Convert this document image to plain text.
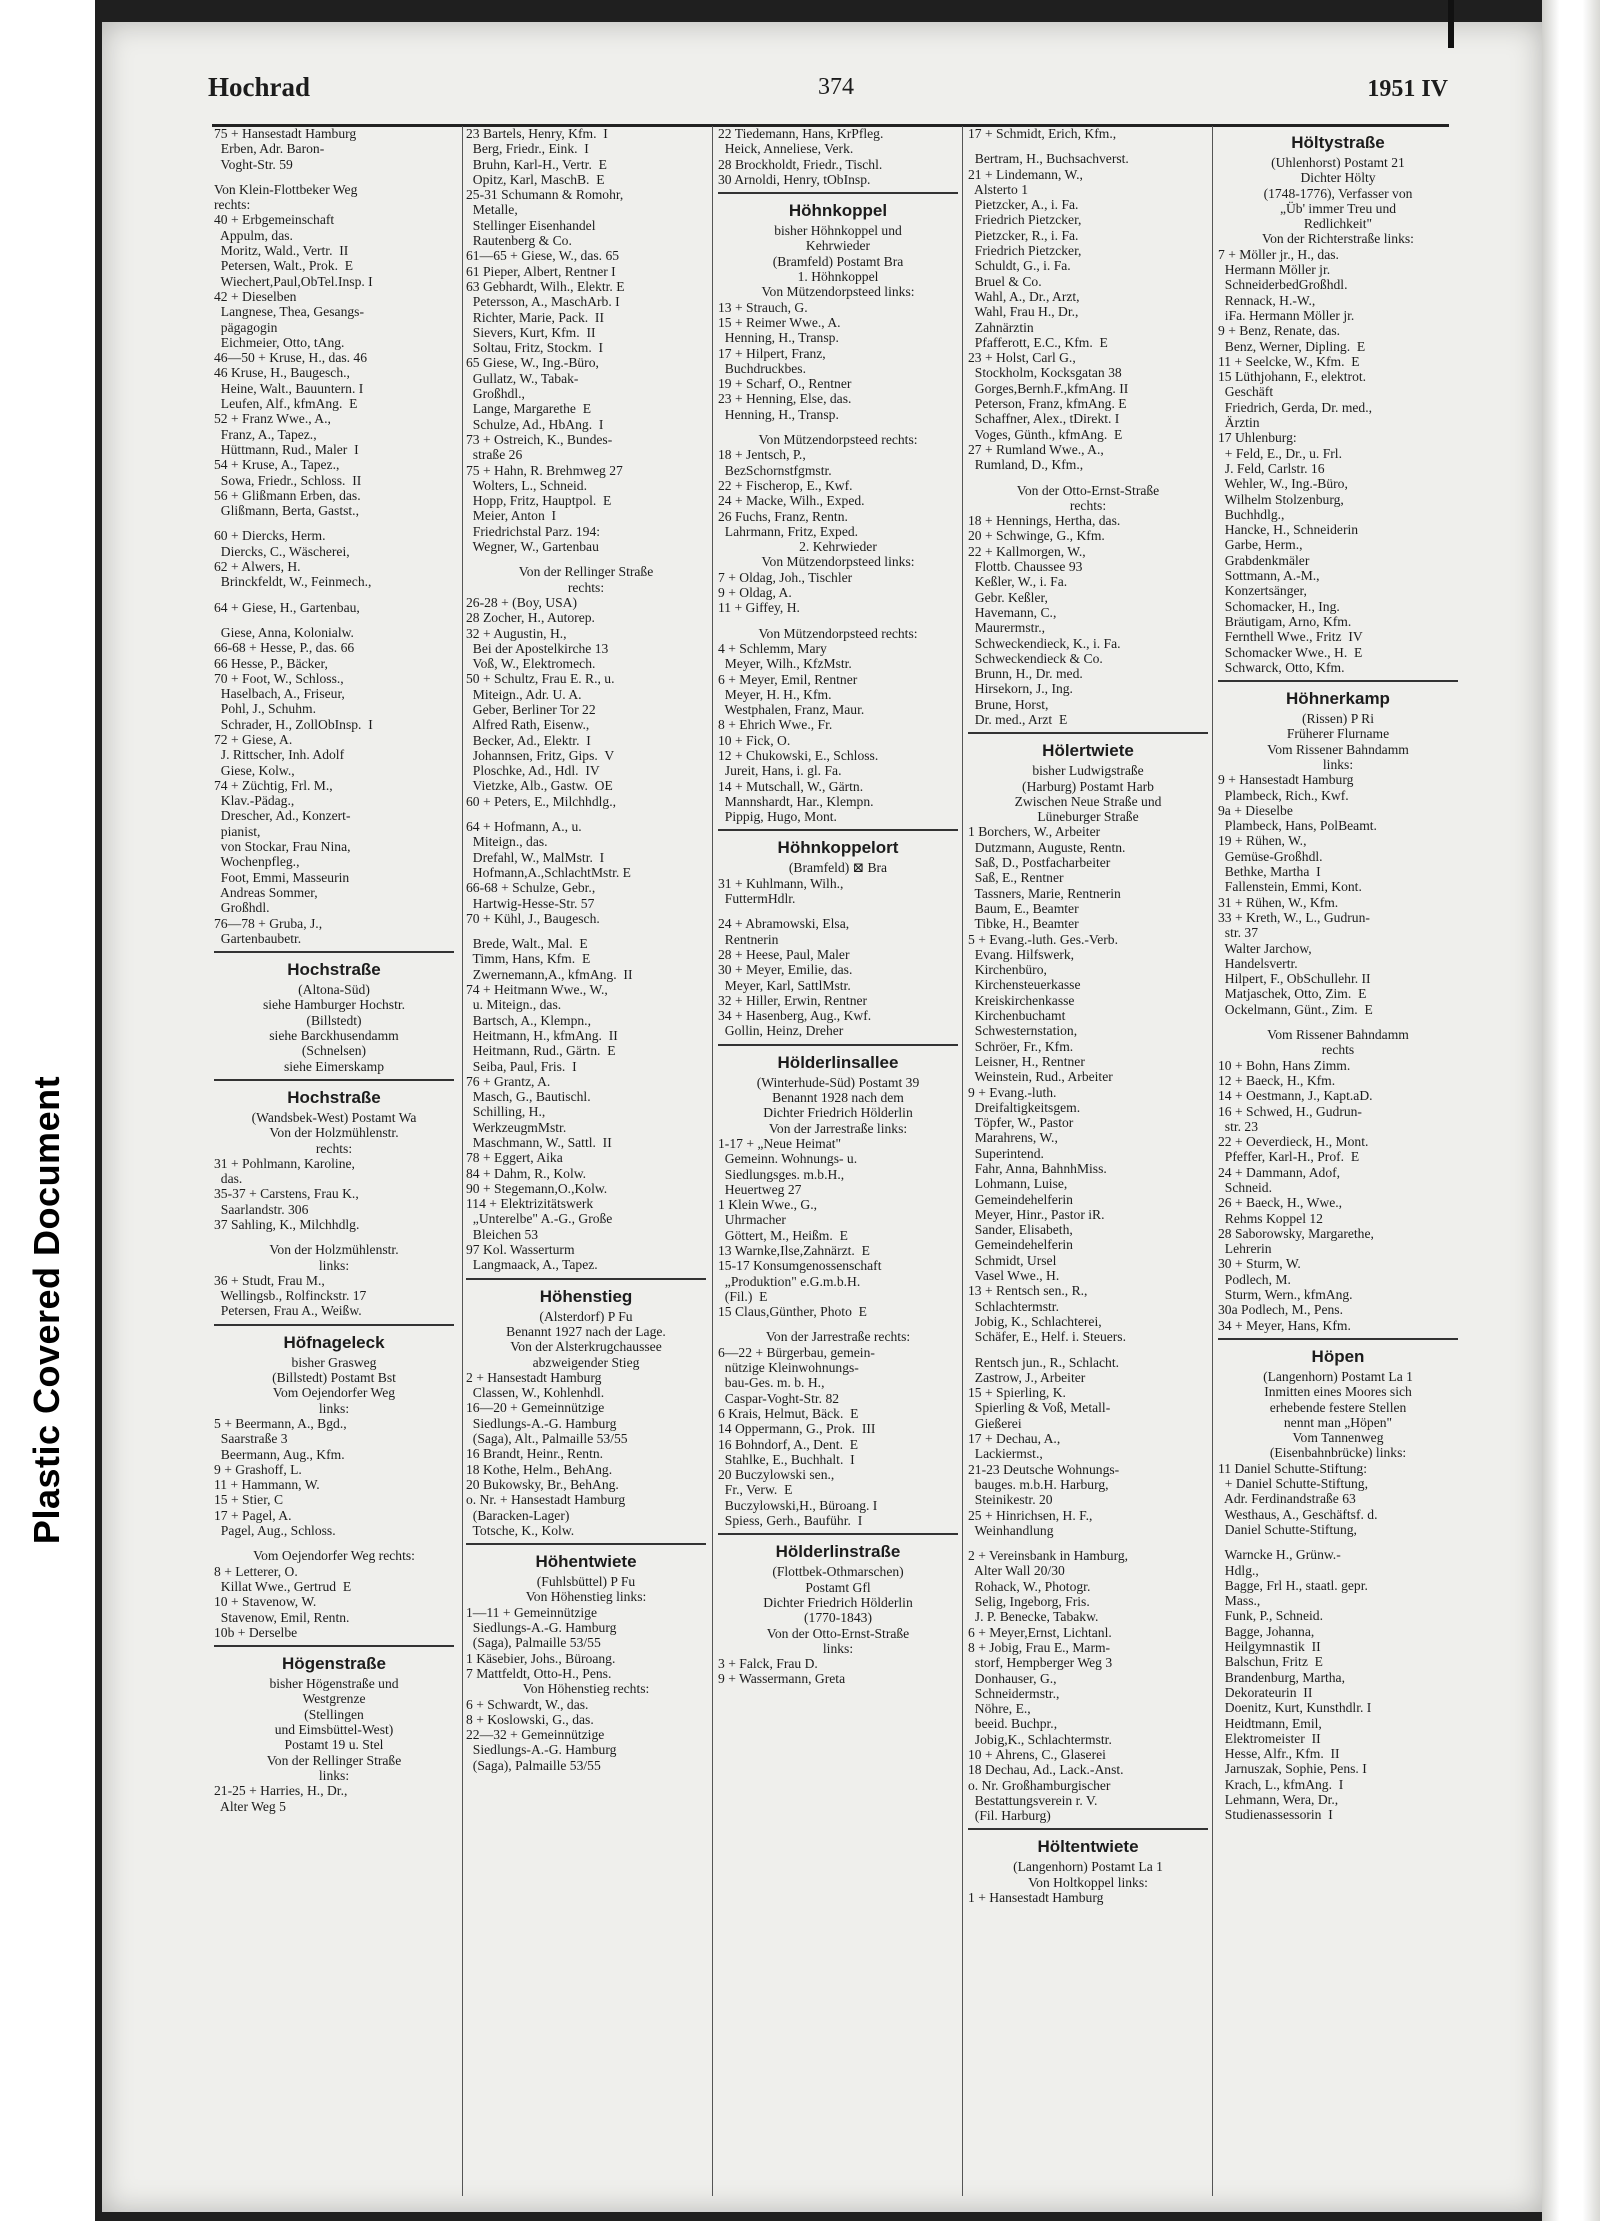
Plastic Covered Document
Hochrad	374	1951 IV
75 + Hansestadt Hamburg
Erben, Adr. Baron-
Voght-Str. 59
Von Klein-Flottbeker Weg
rechts:
40 + Erbgemeinschaft
Appulm, das.
Moritz, Wald., Vertr.  II
Petersen, Walt., Prok.  E
Wiechert,Paul,ObTel.Insp. I
42 + Dieselben
Langnese, Thea, Gesangs-
pägagogin
Eichmeier, Otto, tAng.
46—50 + Kruse, H., das. 46
46 Kruse, H., Baugesch.,
Heine, Walt., Bauuntern. I
Leufen, Alf., kfmAng.  E
52 + Franz Wwe., A.,
Franz, A., Tapez.,
Hüttmann, Rud., Maler  I
54 + Kruse, A., Tapez.,
Sowa, Friedr., Schloss.  II
56 + Glißmann Erben, das.
Glißmann, Berta, Gastst.,
60 + Diercks, Herm.
Diercks, C., Wäscherei,
62 + Alwers, H.
Brinckfeldt, W., Feinmech.,
64 + Giese, H., Gartenbau,
Giese, Anna, Kolonialw.
66-68 + Hesse, P., das. 66
66 Hesse, P., Bäcker,
70 + Foot, W., Schloss.,
Haselbach, A., Friseur,
Pohl, J., Schuhm.
Schrader, H., ZollObInsp.  I
72 + Giese, A.
J. Rittscher, Inh. Adolf
Giese, Kolw.,
74 + Züchtig, Frl. M.,
Klav.-Pädag.,
Drescher, Ad., Konzert-
pianist,
von Stockar, Frau Nina,
Wochenpfleg.,
Foot, Emmi, Masseurin
Andreas Sommer,
Großhdl.
76—78 + Gruba, J.,
Gartenbaubetr.
Hochstraße
(Altona-Süd)
siehe Hamburger Hochstr.
(Billstedt)
siehe Barckhusendamm
(Schnelsen)
siehe Eimerskamp
Hochstraße
(Wandsbek-West) Postamt Wa
Von der Holzmühlenstr.
rechts:
31 + Pohlmann, Karoline,
das.
35-37 + Carstens, Frau K.,
Saarlandstr. 306
37 Sahling, K., Milchhdlg.
Von der Holzmühlenstr.
links:
36 + Studt, Frau M.,
Wellingsb., Rolfinckstr. 17
Petersen, Frau A., Weißw.
Höfnageleck
bisher Grasweg
(Billstedt) Postamt Bst
Vom Oejendorfer Weg
links:
5 + Beermann, A., Bgd.,
Saarstraße 3
Beermann, Aug., Kfm.
9 + Grashoff, L.
11 + Hammann, W.
15 + Stier, C
17 + Pagel, A.
Pagel, Aug., Schloss.
Vom Oejendorfer Weg rechts:
8 + Letterer, O.
Killat Wwe., Gertrud  E
10 + Stavenow, W.
Stavenow, Emil, Rentn.
10b + Derselbe
Högenstraße
bisher Högenstraße und
Westgrenze
(Stellingen
und Eimsbüttel-West)
Postamt 19 u. Stel
Von der Rellinger Straße
links:
21-25 + Harries, H., Dr.,
Alter Weg 5
23 Bartels, Henry, Kfm.  I
Berg, Friedr., Eink.  I
Bruhn, Karl-H., Vertr.  E
Opitz, Karl, MaschB.  E
25-31 Schumann & Romohr,
Metalle,
Stellinger Eisenhandel
Rautenberg & Co.
61—65 + Giese, W., das. 65
61 Pieper, Albert, Rentner I
63 Gebhardt, Wilh., Elektr. E
Petersson, A., MaschArb. I
Richter, Marie, Pack.  II
Sievers, Kurt, Kfm.  II
Soltau, Fritz, Stockm.  I
65 Giese, W., Ing.-Büro,
Gullatz, W., Tabak-
Großhdl.,
Lange, Margarethe  E
Schulze, Ad., HbAng.  I
73 + Ostreich, K., Bundes-
straße 26
75 + Hahn, R. Brehmweg 27
Wolters, L., Schneid.
Hopp, Fritz, Hauptpol.  E
Meier, Anton  I
Friedrichstal Parz. 194:
Wegner, W., Gartenbau
Von der Rellinger Straße
rechts:
26-28 + (Boy, USA)
28 Zocher, H., Autorep.
32 + Augustin, H.,
Bei der Apostelkirche 13
Voß, W., Elektromech.
50 + Schultz, Frau E. R., u.
Miteign., Adr. U. A.
Geber, Berliner Tor 22
Alfred Rath, Eisenw.,
Becker, Ad., Elektr.  I
Johannsen, Fritz, Gips.  V
Ploschke, Ad., Hdl.  IV
Vietzke, Alb., Gastw.  OE
60 + Peters, E., Milchhdlg.,
64 + Hofmann, A., u.
Miteign., das.
Drefahl, W., MalMstr.  I
Hofmann,A.,SchlachtMstr. E
66-68 + Schulze, Gebr.,
Hartwig-Hesse-Str. 57
70 + Kühl, J., Baugesch.
Brede, Walt., Mal.  E
Timm, Hans, Kfm.  E
Zwernemann,A., kfmAng.  II
74 + Heitmann Wwe., W.,
u. Miteign., das.
Bartsch, A., Klempn.,
Heitmann, H., kfmAng.  II
Heitmann, Rud., Gärtn.  E
Seiba, Paul, Fris.  I
76 + Grantz, A.
Masch, G., Bautischl.
Schilling, H.,
WerkzeugmMstr.
Maschmann, W., Sattl.  II
78 + Eggert, Aika
84 + Dahm, R., Kolw.
90 + Stegemann,O.,Kolw.
114 + Elektrizitätswerk
„Unterelbe" A.-G., Große
Bleichen 53
97 Kol. Wasserturm
Langmaack, A., Tapez.
Höhenstieg
(Alsterdorf) P Fu
Benannt 1927 nach der Lage.
Von der Alsterkrugchaussee
abzweigender Stieg
2 + Hansestadt Hamburg
Classen, W., Kohlenhdl.
16—20 + Gemeinnützige
Siedlungs-A.-G. Hamburg
(Saga), Alt., Palmaille 53/55
16 Brandt, Heinr., Rentn.
18 Kothe, Helm., BehAng.
20 Bukowsky, Br., BehAng.
o. Nr. + Hansestadt Hamburg
(Baracken-Lager)
Totsche, K., Kolw.
Höhentwiete
(Fuhlsbüttel) P Fu
Von Höhenstieg links:
1—11 + Gemeinnützige
Siedlungs-A.-G. Hamburg
(Saga), Palmaille 53/55
1 Käsebier, Johs., Büroang.
7 Mattfeldt, Otto-H., Pens.
Von Höhenstieg rechts:
6 + Schwardt, W., das.
8 + Koslowski, G., das.
22—32 + Gemeinnützige
Siedlungs-A.-G. Hamburg
(Saga), Palmaille 53/55
22 Tiedemann, Hans, KrPfleg.
Heick, Anneliese, Verk.
28 Brockholdt, Friedr., Tischl.
30 Arnoldi, Henry, tObInsp.
Höhnkoppel
bisher Höhnkoppel und
Kehrwieder
(Bramfeld) Postamt Bra
1. Höhnkoppel
Von Mützendorpsteed links:
13 + Strauch, G.
15 + Reimer Wwe., A.
Henning, H., Transp.
17 + Hilpert, Franz,
Buchdruckbes.
19 + Scharf, O., Rentner
23 + Henning, Else, das.
Henning, H., Transp.
Von Mützendorpsteed rechts:
18 + Jentsch, P.,
BezSchornstfgmstr.
22 + Fischerop, E., Kwf.
24 + Macke, Wilh., Exped.
26 Fuchs, Franz, Rentn.
Lahrmann, Fritz, Exped.
2. Kehrwieder
Von Mützendorpsteed links:
7 + Oldag, Joh., Tischler
9 + Oldag, A.
11 + Giffey, H.
Von Mützendorpsteed rechts:
4 + Schlemm, Mary
Meyer, Wilh., KfzMstr.
6 + Meyer, Emil, Rentner
Meyer, H. H., Kfm.
Westphalen, Franz, Maur.
8 + Ehrich Wwe., Fr.
10 + Fick, O.
12 + Chukowski, E., Schloss.
Jureit, Hans, i. gl. Fa.
14 + Mutschall, W., Gärtn.
Mannshardt, Har., Klempn.
Pippig, Hugo, Mont.
Höhnkoppelort
(Bramfeld) ⊠ Bra
31 + Kuhlmann, Wilh.,
FuttermHdlr.
24 + Abramowski, Elsa,
Rentnerin
28 + Heese, Paul, Maler
30 + Meyer, Emilie, das.
Meyer, Karl, SattlMstr.
32 + Hiller, Erwin, Rentner
34 + Hasenberg, Aug., Kwf.
Gollin, Heinz, Dreher
Hölderlinsallee
(Winterhude-Süd) Postamt 39
Benannt 1928 nach dem
Dichter Friedrich Hölderlin
Von der Jarrestraße links:
1-17 + „Neue Heimat"
Gemeinn. Wohnungs- u.
Siedlungsges. m.b.H.,
Heuertweg 27
1 Klein Wwe., G.,
Uhrmacher
Göttert, M., Heißm.  E
13 Warnke,Ilse,Zahnärzt.  E
15-17 Konsumgenossenschaft
„Produktion" e.G.m.b.H.
(Fil.)  E
15 Claus,Günther, Photo  E
Von der Jarrestraße rechts:
6—22 + Bürgerbau, gemein-
nützige Kleinwohnungs-
bau-Ges. m. b. H.,
Caspar-Voght-Str. 82
6 Krais, Helmut, Bäck.  E
14 Oppermann, G., Prok.  III
16 Bohndorf, A., Dent.  E
Stahlke, E., Buchhalt.  I
20 Buczylowski sen.,
Fr., Verw.  E
Buczylowski,H., Büroang. I
Spiess, Gerh., Bauführ.  I
Hölderlinstraße
(Flottbek-Othmarschen)
Postamt Gfl
Dichter Friedrich Hölderlin
(1770-1843)
Von der Otto-Ernst-Straße
links:
3 + Falck, Frau D.
9 + Wassermann, Greta
17 + Schmidt, Erich, Kfm.,
Bertram, H., Buchsachverst.
21 + Lindemann, W.,
Alsterto 1
Pietzcker, A., i. Fa.
Friedrich Pietzcker,
Pietzcker, R., i. Fa.
Friedrich Pietzcker,
Schuldt, G., i. Fa.
Bruel & Co.
Wahl, A., Dr., Arzt,
Wahl, Frau H., Dr.,
Zahnärztin
Pfafferott, E.C., Kfm.  E
23 + Holst, Carl G.,
Stockholm, Kocksgatan 38
Gorges,Bernh.F.,kfmAng. II
Peterson, Franz, kfmAng. E
Schaffner, Alex., tDirekt. I
Voges, Günth., kfmAng.  E
27 + Rumland Wwe., A.,
Rumland, D., Kfm.,
Von der Otto-Ernst-Straße
rechts:
18 + Hennings, Hertha, das.
20 + Schwinge, G., Kfm.
22 + Kallmorgen, W.,
Flottb. Chaussee 93
Keßler, W., i. Fa.
Gebr. Keßler,
Havemann, C.,
Maurermstr.,
Schweckendieck, K., i. Fa.
Schweckendieck & Co.
Brunn, H., Dr. med.
Hirsekorn, J., Ing.
Brune, Horst,
Dr. med., Arzt  E
Hölertwiete
bisher Ludwigstraße
(Harburg) Postamt Harb
Zwischen Neue Straße und
Lüneburger Straße
1 Borchers, W., Arbeiter
Dutzmann, Auguste, Rentn.
Saß, D., Postfacharbeiter
Saß, E., Rentner
Tassners, Marie, Rentnerin
Baum, E., Beamter
Tibke, H., Beamter
5 + Evang.-luth. Ges.-Verb.
Evang. Hilfswerk,
Kirchenbüro,
Kirchensteuerkasse
Kreiskirchenkasse
Kirchenbuchamt
Schwesternstation,
Schröer, Fr., Kfm.
Leisner, H., Rentner
Weinstein, Rud., Arbeiter
9 + Evang.-luth.
Dreifaltigkeitsgem.
Töpfer, W., Pastor
Marahrens, W.,
Superintend.
Fahr, Anna, BahnhMiss.
Lohmann, Luise,
Gemeindehelferin
Meyer, Hinr., Pastor iR.
Sander, Elisabeth,
Gemeindehelferin
Schmidt, Ursel
Vasel Wwe., H.
13 + Rentsch sen., R.,
Schlachtermstr.
Jobig, K., Schlachterei,
Schäfer, E., Helf. i. Steuers.
Rentsch jun., R., Schlacht.
Zastrow, J., Arbeiter
15 + Spierling, K.
Spierling & Voß, Metall-
Gießerei
17 + Dechau, A.,
Lackiermst.,
21-23 Deutsche Wohnungs-
bauges. m.b.H. Harburg,
Steinikestr. 20
25 + Hinrichsen, H. F.,
Weinhandlung
2 + Vereinsbank in Hamburg,
Alter Wall 20/30
Rohack, W., Photogr.
Selig, Ingeborg, Fris.
J. P. Benecke, Tabakw.
6 + Meyer,Ernst, Lichtanl.
8 + Jobig, Frau E., Marm-
storf, Hempberger Weg 3
Donhauser, G.,
Schneidermstr.,
Nöhre, E.,
beeid. Buchpr.,
Jobig,K., Schlachtermstr.
10 + Ahrens, C., Glaserei
18 Dechau, Ad., Lack.-Anst.
o. Nr. Großhamburgischer
Bestattungsverein r. V.
(Fil. Harburg)
Höltentwiete
(Langenhorn) Postamt La 1
Von Holtkoppel links:
1 + Hansestadt Hamburg
Höltystraße
(Uhlenhorst) Postamt 21
Dichter Hölty
(1748-1776), Verfasser von
„Üb' immer Treu und
Redlichkeit"
Von der Richterstraße links:
7 + Möller jr., H., das.
Hermann Möller jr.
SchneiderbedGroßhdl.
Rennack, H.-W.,
iFa. Hermann Möller jr.
9 + Benz, Renate, das.
Benz, Werner, Dipling.  E
11 + Seelcke, W., Kfm.  E
15 Lüthjohann, F., elektrot.
Geschäft
Friedrich, Gerda, Dr. med.,
Ärztin
17 Uhlenburg:
+ Feld, E., Dr., u. Frl.
J. Feld, Carlstr. 16
Wehler, W., Ing.-Büro,
Wilhelm Stolzenburg,
Buchhdlg.,
Hancke, H., Schneiderin
Garbe, Herm.,
Grabdenkmäler
Sottmann, A.-M.,
Konzertsänger,
Schomacker, H., Ing.
Bräutigam, Arno, Kfm.
Fernthell Wwe., Fritz  IV
Schomacker Wwe., H.  E
Schwarck, Otto, Kfm.
Höhnerkamp
(Rissen) P Ri
Früherer Flurname
Vom Rissener Bahndamm
links:
9 + Hansestadt Hamburg
Plambeck, Rich., Kwf.
9a + Dieselbe
Plambeck, Hans, PolBeamt.
19 + Rühen, W.,
Gemüse-Großhdl.
Bethke, Martha  I
Fallenstein, Emmi, Kont.
31 + Rühen, W., Kfm.
33 + Kreth, W., L., Gudrun-
str. 37
Walter Jarchow,
Handelsvertr.
Hilpert, F., ObSchullehr. II
Matjaschek, Otto, Zim.  E
Ockelmann, Günt., Zim.  E
Vom Rissener Bahndamm
rechts
10 + Bohn, Hans Zimm.
12 + Baeck, H., Kfm.
14 + Oestmann, J., Kapt.aD.
16 + Schwed, H., Gudrun-
str. 23
22 + Oeverdieck, H., Mont.
Pfeffer, Karl-H., Prof.  E
24 + Dammann, Adof,
Schneid.
26 + Baeck, H., Wwe.,
Rehms Koppel 12
28 Saborowsky, Margarethe,
Lehrerin
30 + Sturm, W.
Podlech, M.
Sturm, Wern., kfmAng.
30a Podlech, M., Pens.
34 + Meyer, Hans, Kfm.
Höpen
(Langenhorn) Postamt La 1
Inmitten eines Moores sich
erhebende festere Stellen
nennt man „Höpen"
Vom Tannenweg
(Eisenbahnbrücke) links:
11 Daniel Schutte-Stiftung:
+ Daniel Schutte-Stiftung,
Adr. Ferdinandstraße 63
Westhaus, A., Geschäftsf. d.
Daniel Schutte-Stiftung,
Warncke H., Grünw.-
Hdlg.,
Bagge, Frl H., staatl. gepr.
Mass.,
Funk, P., Schneid.
Bagge, Johanna,
Heilgymnastik  II
Balschun, Fritz  E
Brandenburg, Martha,
Dekorateurin  II
Doenitz, Kurt, Kunsthdlr. I
Heidtmann, Emil,
Elektromeister  II
Hesse, Alfr., Kfm.  II
Jarnuszak, Sophie, Pens. I
Krach, L., kfmAng.  I
Lehmann, Wera, Dr.,
Studienassessorin  I
